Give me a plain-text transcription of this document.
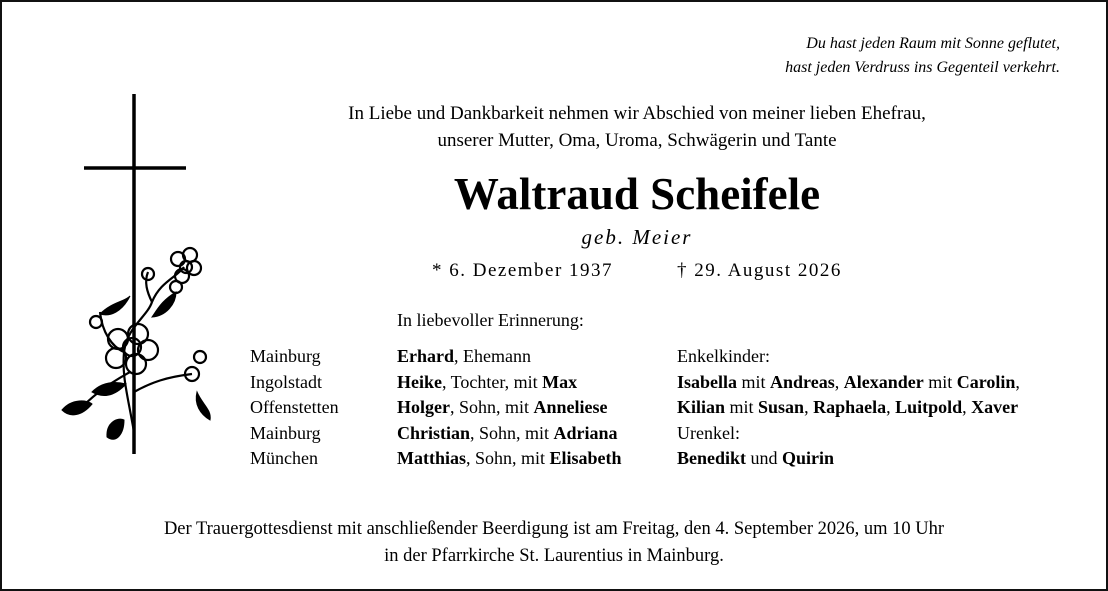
Du hast jeden Raum mit Sonne geflutet,
hast jeden Verdruss ins Gegenteil verkehrt.
In Liebe und Dankbarkeit nehmen wir Abschied von meiner lieben Ehefrau,
unserer Mutter, Oma, Uroma, Schwägerin und Tante
Waltraud Scheifele
geb. Meier
* 6. Dezember 1937	† 29. August 2026
In liebevoller Erinnerung:
Mainburg
Ingolstadt
Offenstetten
Mainburg
München
Erhard, Ehemann
Heike, Tochter, mit Max
Holger, Sohn, mit Anneliese
Christian, Sohn, mit Adriana
Matthias, Sohn, mit Elisabeth
Enkelkinder:
Isabella mit Andreas, Alexander mit Carolin,
Kilian mit Susan, Raphaela, Luitpold, Xaver
Urenkel:
Benedikt und Quirin
Der Trauergottesdienst mit anschließender Beerdigung ist am Freitag, den 4. September 2026, um 10 Uhr
in der Pfarrkirche St. Laurentius in Mainburg.
